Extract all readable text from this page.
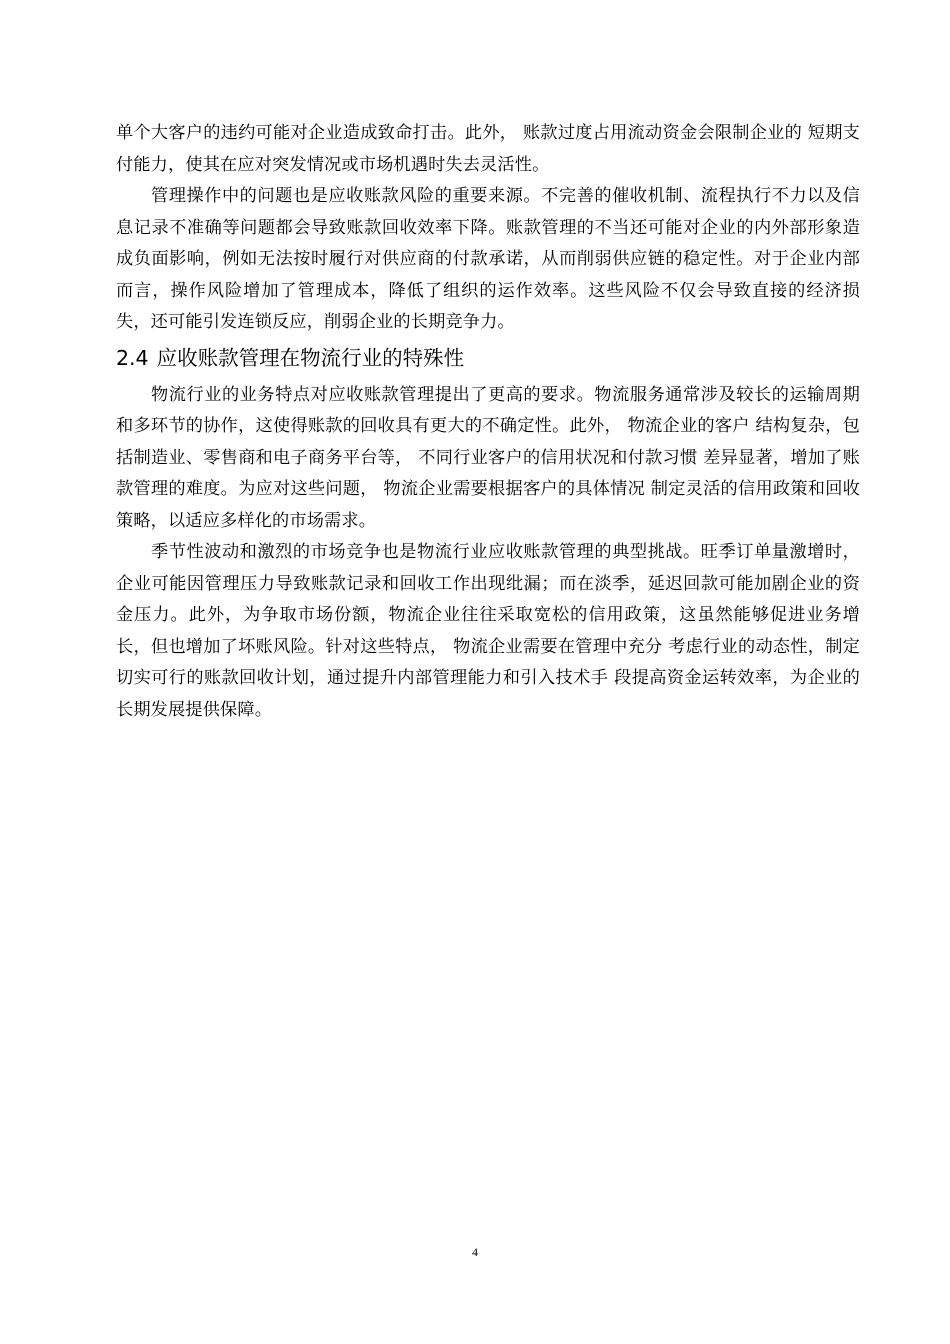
单个大客户的违约可能对企业造成致命打击。此外， 账款过度占用流动资金会限制企业的 短期支付能力，使其在应对突发情况或市场机遇时失去灵活性。

管理操作中的问题也是应收账款风险的重要来源。不完善的催收机制、流程执行不力以及信息记录不准确等问题都会导致账款回收效率下降。账款管理的不当还可能对企业的内外部形象造成负面影响，例如无法按时履行对供应商的付款承诺，从而削弱供应链的稳定性。对于企业内部而言，操作风险增加了管理成本，降低了组织的运作效率。这些风险不仅会导致直接的经济损失，还可能引发连锁反应，削弱企业的长期竞争力。

2.4 应收账款管理在物流行业的特殊性

物流行业的业务特点对应收账款管理提出了更高的要求。物流服务通常涉及较长的运输周期和多环节的协作，这使得账款的回收具有更大的不确定性。此外， 物流企业的客户 结构复杂，包括制造业、零售商和电子商务平台等， 不同行业客户的信用状况和付款习惯 差异显著，增加了账款管理的难度。为应对这些问题， 物流企业需要根据客户的具体情况 制定灵活的信用政策和回收策略，以适应多样化的市场需求。

季节性波动和激烈的市场竞争也是物流行业应收账款管理的典型挑战。旺季订单量激增时，企业可能因管理压力导致账款记录和回收工作出现纰漏；而在淡季，延迟回款可能加剧企业的资金压力。此外，为争取市场份额，物流企业往往采取宽松的信用政策，这虽然能够促进业务增长，但也增加了坏账风险。针对这些特点， 物流企业需要在管理中充分 考虑行业的动态性，制定切实可行的账款回收计划，通过提升内部管理能力和引入技术手 段提高资金运转效率，为企业的长期发展提供保障。

4
